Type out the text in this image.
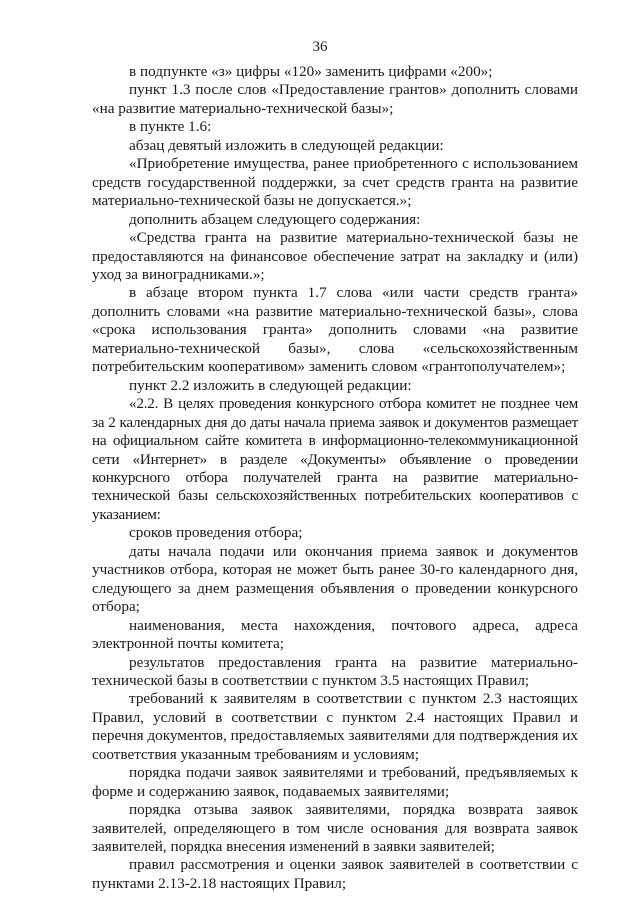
36

в подпункте «з» цифры «120» заменить цифрами «200»;

пункт 1.3 после слов «Предоставление грантов» дополнить словами «на развитие материально-технической базы»;

в пункте 1.6:

абзац девятый изложить в следующей редакции:

«Приобретение имущества, ранее приобретенного с использованием средств государственной поддержки, за счет средств гранта на развитие материально-технической базы не допускается.»;

дополнить абзацем следующего содержания:

«Средства гранта на развитие материально-технической базы не предоставляются на финансовое обеспечение затрат на закладку и (или) уход за виноградниками.»;

в абзаце втором пункта 1.7 слова «или части средств гранта» дополнить словами «на развитие материально-технической базы», слова «срока использования гранта» дополнить словами «на развитие материально-технической базы», слова «сельскохозяйственным потребительским кооперативом» заменить словом «грантополучателем»;

пункт 2.2 изложить в следующей редакции:

«2.2. В целях проведения конкурсного отбора комитет не позднее чем за 2 календарных дня до даты начала приема заявок и документов размещает на официальном сайте комитета в информационно-телекоммуникационной сети «Интернет» в разделе «Документы» объявление о проведении конкурсного отбора получателей гранта на развитие материально-технической базы сельскохозяйственных потребительских кооперативов с указанием:

сроков проведения отбора;

даты начала подачи или окончания приема заявок и документов участников отбора, которая не может быть ранее 30-го календарного дня, следующего за днем размещения объявления о проведении конкурсного отбора;

наименования, места нахождения, почтового адреса, адреса электронной почты комитета;

результатов предоставления гранта на развитие материально-технической базы в соответствии с пунктом 3.5 настоящих Правил;

требований к заявителям в соответствии с пунктом 2.3 настоящих Правил, условий в соответствии с пунктом 2.4 настоящих Правил и перечня документов, предоставляемых заявителями для подтверждения их соответствия указанным требованиям и условиям;

порядка подачи заявок заявителями и требований, предъявляемых к форме и содержанию заявок, подаваемых заявителями;

порядка отзыва заявок заявителями, порядка возврата заявок заявителей, определяющего в том числе основания для возврата заявок заявителей, порядка внесения изменений в заявки заявителей;

правил рассмотрения и оценки заявок заявителей в соответствии с пунктами 2.13-2.18 настоящих Правил;
